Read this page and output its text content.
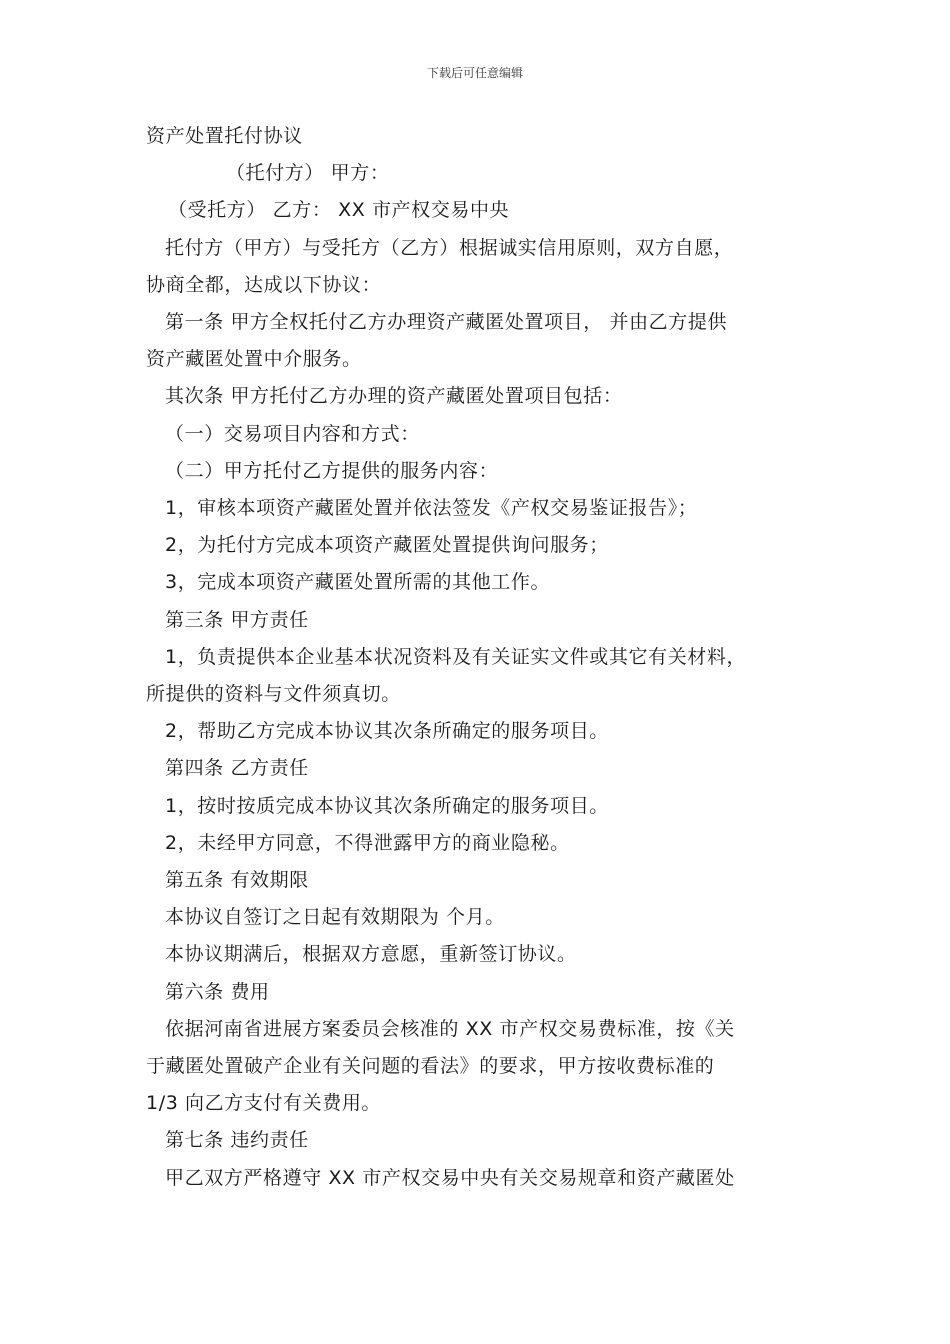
下载后可任意编辑
资产处置托付协议
（托付方） 甲方：
（受托方） 乙方： XX 市产权交易中央
托付方（甲方）与受托方（乙方）根据诚实信用原则，双方自愿，
协商全都，达成以下协议：
第一条 甲方全权托付乙方办理资产藏匿处置项目， 并由乙方提供
资产藏匿处置中介服务。
其次条 甲方托付乙方办理的资产藏匿处置项目包括：
（一）交易项目内容和方式：
（二）甲方托付乙方提供的服务内容：
1，审核本项资产藏匿处置并依法签发《产权交易鉴证报告》；
2，为托付方完成本项资产藏匿处置提供询问服务；
3，完成本项资产藏匿处置所需的其他工作。
第三条 甲方责任
1，负责提供本企业基本状况资料及有关证实文件或其它有关材料，
所提供的资料与文件须真切。
2，帮助乙方完成本协议其次条所确定的服务项目。
第四条 乙方责任
1，按时按质完成本协议其次条所确定的服务项目。
2，未经甲方同意，不得泄露甲方的商业隐秘。
第五条 有效期限
本协议自签订之日起有效期限为 个月。
本协议期满后，根据双方意愿，重新签订协议。
第六条 费用
依据河南省进展方案委员会核准的 XX 市产权交易费标准，按《关
于藏匿处置破产企业有关问题的看法》的要求，甲方按收费标准的
1/3 向乙方支付有关费用。
第七条 违约责任
甲乙双方严格遵守 XX 市产权交易中央有关交易规章和资产藏匿处
